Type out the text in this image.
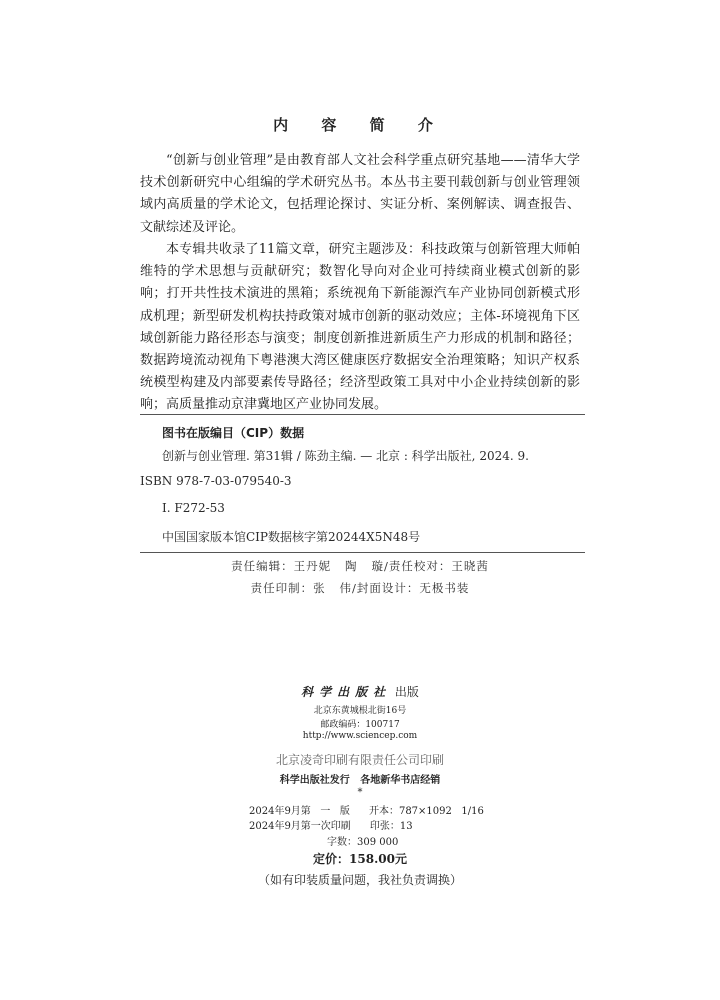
内 容 简 介
“创新与创业管理”是由教育部人文社会科学重点研究基地——清华大学技术创新研究中心组编的学术研究丛书。本丛书主要刊载创新与创业管理领域内高质量的学术论文，包括理论探讨、实证分析、案例解读、调查报告、文献综述及评论。
本专辑共收录了11篇文章，研究主题涉及：科技政策与创新管理大师帕维特的学术思想与贡献研究；数智化导向对企业可持续商业模式创新的影响；打开共性技术演进的黑箱；系统视角下新能源汽车产业协同创新模式形成机理；新型研发机构扶持政策对城市创新的驱动效应；主体-环境视角下区域创新能力路径形态与演变；制度创新推进新质生产力形成的机制和路径；数据跨境流动视角下粤港澳大湾区健康医疗数据安全治理策略；知识产权系统模型构建及内部要素传导路径；经济型政策工具对中小企业持续创新的影响；高质量推动京津冀地区产业协同发展。
图书在版编目（CIP）数据
创新与创业管理. 第31辑 / 陈劲主编. — 北京 : 科学出版社, 2024. 9.
ISBN 978-7-03-079540-3
Ⅰ. F272-53
中国国家版本馆CIP数据核字第20244X5N48号
责任编辑：王丹妮   陶   璇/责任校对：王晓茜
责任印制：张   伟/封面设计：无极书装
科学出版社 出版
北京东黄城根北街16号
邮政编码：100717
http://www.sciencep.com
北京凌奇印刷有限责任公司印刷
科学出版社发行   各地新华书店经销
*
2024年9月第   一   版      开本：787×1092   1/16
2024年9月第一次印刷      印张：13
字数：309 000
定价：158.00元
（如有印装质量问题，我社负责调换）
